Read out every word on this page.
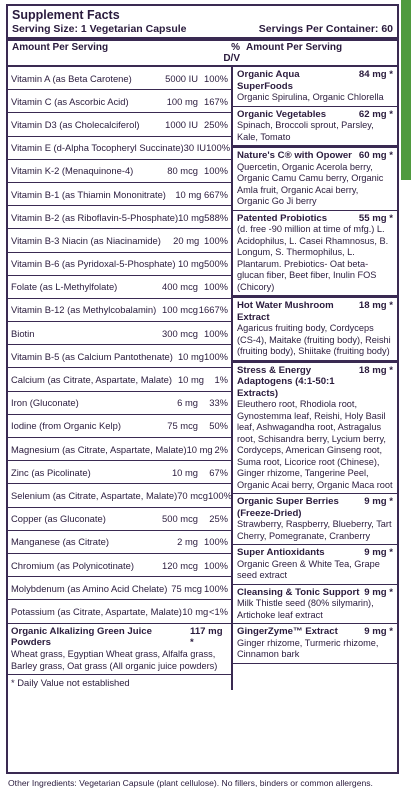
Supplement Facts
Serving Size: 1 Vegetarian Capsule	Servings Per Container: 60
Amount Per Serving	% D/V
Amount Per Serving
Vitamin A (as Beta Carotene)	5000 IU 100%
Vitamin C (as Ascorbic Acid)	100 mg 167%
Vitamin D3 (as Cholecalciferol)	1000 IU 250%
Vitamin E (d-Alpha Tocopheryl Succinate) 30 IU 100%
Vitamin K-2 (Menaquinone-4)	80 mcg 100%
Vitamin B-1 (as Thiamin Mononitrate)	10 mg 667%
Vitamin B-2 (as Riboflavin-5-Phosphate) 10 mg 588%
Vitamin B-3 Niacin (as Niacinamide)	20 mg 100%
Vitamin B-6 (as Pyridoxal-5-Phosphate) 10 mg 500%
Folate (as L-Methylfolate)	400 mcg 100%
Vitamin B-12 (as Methylcobalamin) 100 mcg 1667%
Biotin	300 mcg 100%
Vitamin B-5 (as Calcium Pantothenate) 10 mg 100%
Calcium (as Citrate, Aspartate, Malate) 10 mg	1%
Iron (Gluconate)	6 mg	33%
Iodine (from Organic Kelp)	75 mcg	50%
Magnesium (as Citrate, Aspartate, Malate) 10 mg 2%
Zinc (as Picolinate)	10 mg	67%
Selenium (as Citrate, Aspartate, Malate) 70 mcg 100%
Copper (as Gluconate)	500 mcg	25%
Manganese (as Citrate)	2 mg 100%
Chromium (as Polynicotinate)	120 mcg 100%
Molybdenum (as Amino Acid Chelate) 75 mcg 100%
Potassium (as Citrate, Aspartate, Malate) 10 mg <1%
Organic Alkalizing Green Juice Powders
117 mg *
Wheat grass, Egyptian Wheat grass, Alfalfa grass, Barley grass, Oat grass (All organic juice powders)
* Daily Value not established
Organic Aqua SuperFoods
84 mg *
Organic Spirulina, Organic Chlorella
Organic Vegetables	62 mg *
Spinach, Broccoli sprout, Parsley, Kale, Tomato
Nature's C® with Opower 60 mg *
Quercetin, Organic Acerola berry, Organic Camu Camu berry, Organic Amla fruit, Organic Acai berry, Organic Go Ji berry
Patented Probiotics	55 mg *
(d. free -90 million at time of mfg.) L. Acidophilus, L. Casei Rhamnosus, B. Longum, S. Thermophilus, L. Plantarum. Prebiotics- Oat beta-glucan fiber, Beet fiber, Inulin FOS (Chicory)
Hot Water Mushroom Extract
18 mg *
Agaricus fruiting body, Cordyceps (CS-4), Maitake (fruiting body), Reishi (fruiting body), Shiitake (fruiting body)
Stress & Energy Adaptogens (4:1-50:1 Extracts)
18 mg *
Eleuthero root, Rhodiola root, Gynostemma leaf, Reishi, Holy Basil leaf, Ashwagandha root, Astragalus root, Schisandra berry, Lycium berry, Cordyceps, American Ginseng root, Suma root, Licorice root (Chinese), Ginger rhizome, Tangerine Peel, Organic Acai berry, Organic Maca root
Organic Super Berries (Freeze-Dried)
9 mg *
Strawberry, Raspberry, Blueberry, Tart Cherry, Pomegranate, Cranberry
Super Antioxidants	9 mg *
Organic Green & White Tea, Grape seed extract
Cleansing & Tonic Support 9 mg *
Milk Thistle seed (80% silymarin), Artichoke leaf extract
GingerZyme™ Extract	9 mg *
Ginger rhizome, Turmeric rhizome, Cinnamon bark
Other Ingredients: Vegetarian Capsule (plant cellulose). No fillers, binders or common allergens.
